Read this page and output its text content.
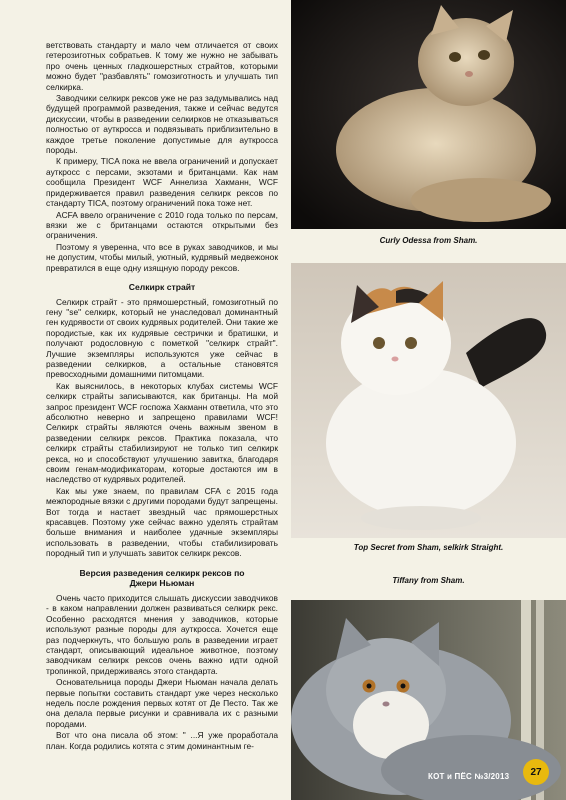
ветствовать стандарту и мало чем отличается от своих гетерозиготных собратьев. К тому же нужно не забывать про очень ценных гладкошерстных страйтов, которыми можно будет "разбавлять" гомозиготность и улучшать тип селкирка.

Заводчики селкирк рексов уже не раз задумывались над будущей программой разведения, также и сейчас ведутся дискуссии, чтобы в разведении селкирков не отказываться полностью от ауткросса и подвязывать приблизительно в каждое третье поколение допустимые для ауткросса породы.

К примеру, TICA пока не ввела ограничений и допускает ауткросс с персами, экзотами и британцами. Как нам сообщила Президент WCF Аннелиза Хакманн, WCF придерживается правил разведения селкирк рексов по стандарту TICA, поэтому ограничений пока тоже нет.

ACFA ввело ограничение с 2010 года только по персам, вязки же с британцами остаются открытыми без ограничения.

Поэтому я уверенна, что все в руках заводчиков, и мы не допустим, чтобы милый, уютный, кудрявый медвежонок превратился в еще одну изящную породу рексов.

Селкирк страйт

Селкирк страйт - это прямошерстный, гомозиготный по гену "se" селкирк, который не унаследовал доминантный ген кудрявости от своих кудрявых родителей. Они такие же породистые, как их кудрявые сестрички и братишки, и получают родословную с пометкой "селкирк страйт". Лучшие экземпляры используются уже сейчас в разведении селкирков, а остальные становятся превосходными домашними питомцами.

Как выяснилось, в некоторых клубах системы WCF селкирк страйты записываются, как британцы. На мой запрос президент WCF госпожа Хакманн ответила, что это абсолютно неверно и запрещено правилами WCF! Селкирк страйты являются очень важным звеном в разведении селкирк рексов. Практика показала, что селкирк страйты стабилизируют не только тип селкирк рекса, но и способствуют улучшению завитка, благодаря своим генам-модификаторам, которые достаются им в наследство от кудрявых родителей.

Как мы уже знаем, по правилам CFA с 2015 года межпородные вязки с другими породами будут запрещены. Вот тогда и настает звездный час прямошерстных красавцев. Поэтому уже сейчас важно уделять страйтам больше внимания и наиболее удачные экземпляры использовать в разведении, чтобы стабилизировать породный тип и улучшать завиток селкирк рексов.

Версия разведения селкирк рексов по Джери Ньюман

Очень часто приходится слышать дискуссии заводчиков - в каком направлении должен развиваться селкирк рекс. Особенно расходятся мнения у заводчиков, которые используют разные породы для ауткросса. Хочется еще раз подчеркнуть, что большую роль в разведении играет стандарт, описывающий идеальное животное, поэтому заводчикам селкирк рексов очень важно идти одной тропинкой, придерживаясь этого стандарта.

Основательница породы Джери Ньюман начала делать первые попытки составить стандарт уже через несколько недель после рождения первых котят от Де Песто. Так же она делала первые рисунки и сравнивала их с разными породами.

Вот что она писала об этом: " ...Я уже проработала план. Когда родились котята с этим доминантным ге-

Curly Odessa from Sham.
Top Secret from Sham, selkirk Straight.
Tiffany from Sham.
КОТ и ПЁС №3/2013	27
